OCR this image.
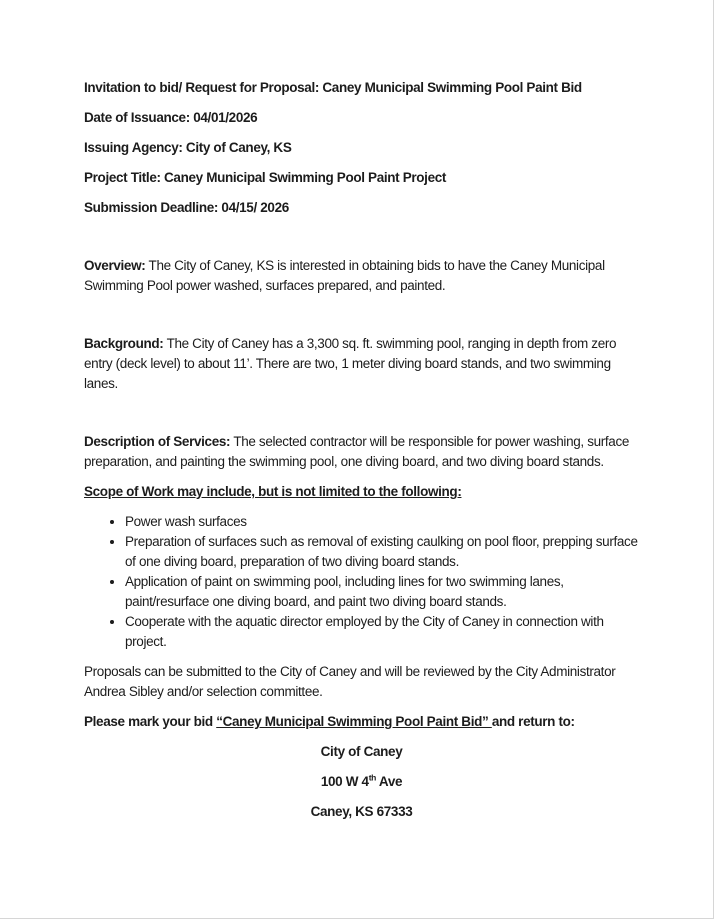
Invitation to bid/ Request for Proposal: Caney Municipal Swimming Pool Paint Bid

Date of Issuance: 04/01/2026

Issuing Agency: City of Caney, KS

Project Title: Caney Municipal Swimming Pool Paint Project

Submission Deadline: 04/15/ 2026

Overview: The City of Caney, KS is interested in obtaining bids to have the Caney Municipal Swimming Pool power washed, surfaces prepared, and painted.

Background: The City of Caney has a 3,300 sq. ft. swimming pool, ranging in depth from zero entry (deck level) to about 11’. There are two, 1 meter diving board stands, and two swimming lanes.

Description of Services: The selected contractor will be responsible for power washing, surface preparation, and painting the swimming pool, one diving board, and two diving board stands.

Scope of Work may include, but is not limited to the following:

• Power wash surfaces
• Preparation of surfaces such as removal of existing caulking on pool floor, prepping surface of one diving board, preparation of two diving board stands.
• Application of paint on swimming pool, including lines for two swimming lanes, paint/resurface one diving board, and paint two diving board stands.
• Cooperate with the aquatic director employed by the City of Caney in connection with project.

Proposals can be submitted to the City of Caney and will be reviewed by the City Administrator Andrea Sibley and/or selection committee.

Please mark your bid “Caney Municipal Swimming Pool Paint Bid” and return to:

City of Caney

100 W 4th Ave

Caney, KS 67333
